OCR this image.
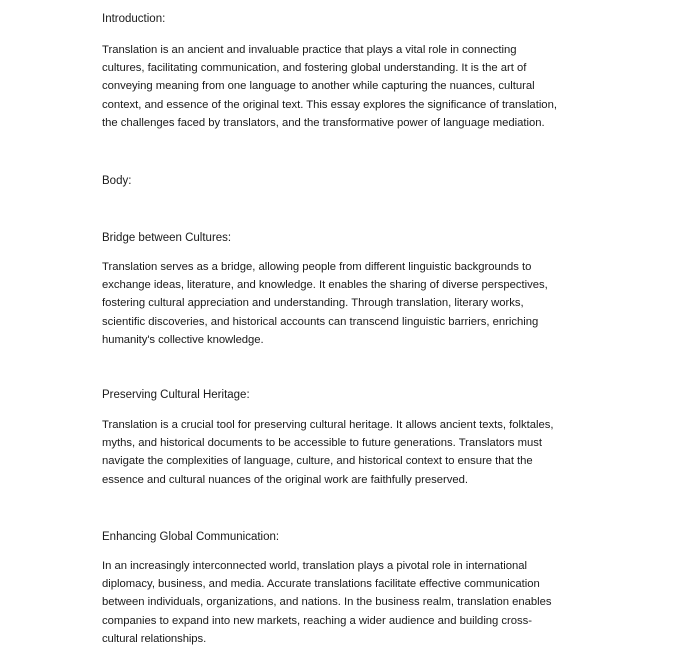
Introduction:

Translation is an ancient and invaluable practice that plays a vital role in connecting
cultures, facilitating communication, and fostering global understanding. It is the art of
conveying meaning from one language to another while capturing the nuances, cultural
context, and essence of the original text. This essay explores the significance of translation,
the challenges faced by translators, and the transformative power of language mediation.

Body:

Bridge between Cultures:

Translation serves as a bridge, allowing people from different linguistic backgrounds to
exchange ideas, literature, and knowledge. It enables the sharing of diverse perspectives,
fostering cultural appreciation and understanding. Through translation, literary works,
scientific discoveries, and historical accounts can transcend linguistic barriers, enriching
humanity's collective knowledge.

Preserving Cultural Heritage:

Translation is a crucial tool for preserving cultural heritage. It allows ancient texts, folktales,
myths, and historical documents to be accessible to future generations. Translators must
navigate the complexities of language, culture, and historical context to ensure that the
essence and cultural nuances of the original work are faithfully preserved.

Enhancing Global Communication:

In an increasingly interconnected world, translation plays a pivotal role in international
diplomacy, business, and media. Accurate translations facilitate effective communication
between individuals, organizations, and nations. In the business realm, translation enables
companies to expand into new markets, reaching a wider audience and building cross-
cultural relationships.
